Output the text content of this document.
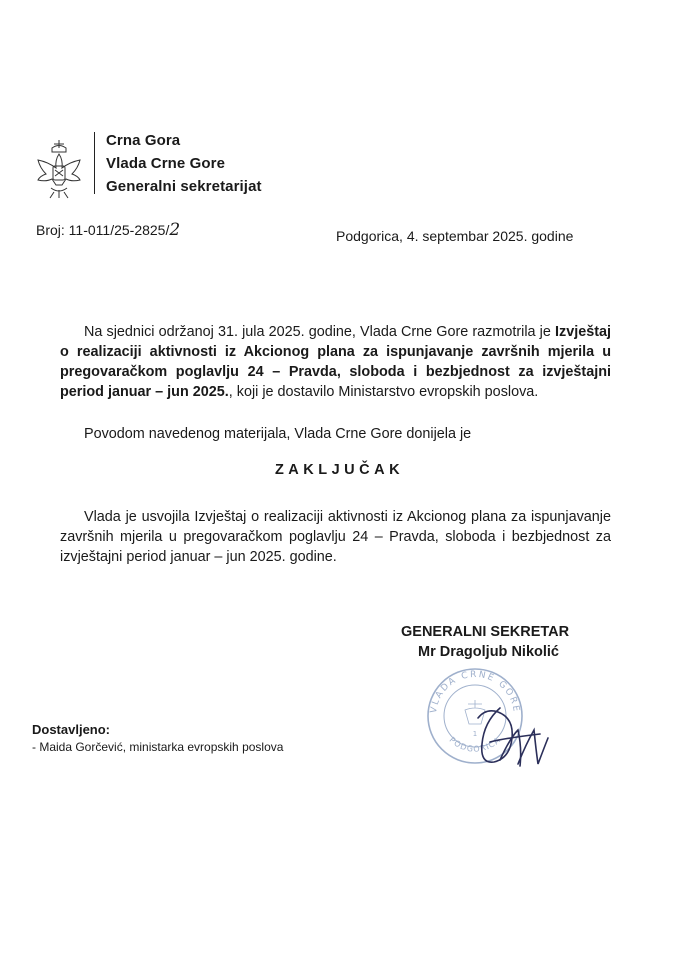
Crna Gora
Vlada Crne Gore
Generalni sekretarijat
Broj: 11-011/25-2825/2	Podgorica, 4. septembar 2025. godine
Na sjednici održanoj 31. jula 2025. godine, Vlada Crne Gore razmotrila je Izvještaj o realizaciji aktivnosti iz Akcionog plana za ispunjavanje završnih mjerila u pregovaračkom poglavlju 24 – Pravda, sloboda i bezbjednost za izvještajni period januar – jun 2025., koji je dostavilo Ministarstvo evropskih poslova.
Povodom navedenog materijala, Vlada Crne Gore donijela je
ZAKLJUČAK
Vlada je usvojila Izvještaj o realizaciji aktivnosti iz Akcionog plana za ispunjavanje završnih mjerila u pregovaračkom poglavlju 24 – Pravda, sloboda i bezbjednost za izvještajni period januar – jun 2025. godine.
GENERALNI SEKRETAR
Mr Dragoljub Nikolić
VLADA CRNE GORE
PODGORICA
1
Dostavljeno:
- Maida Gorčević, ministarka evropskih poslova
